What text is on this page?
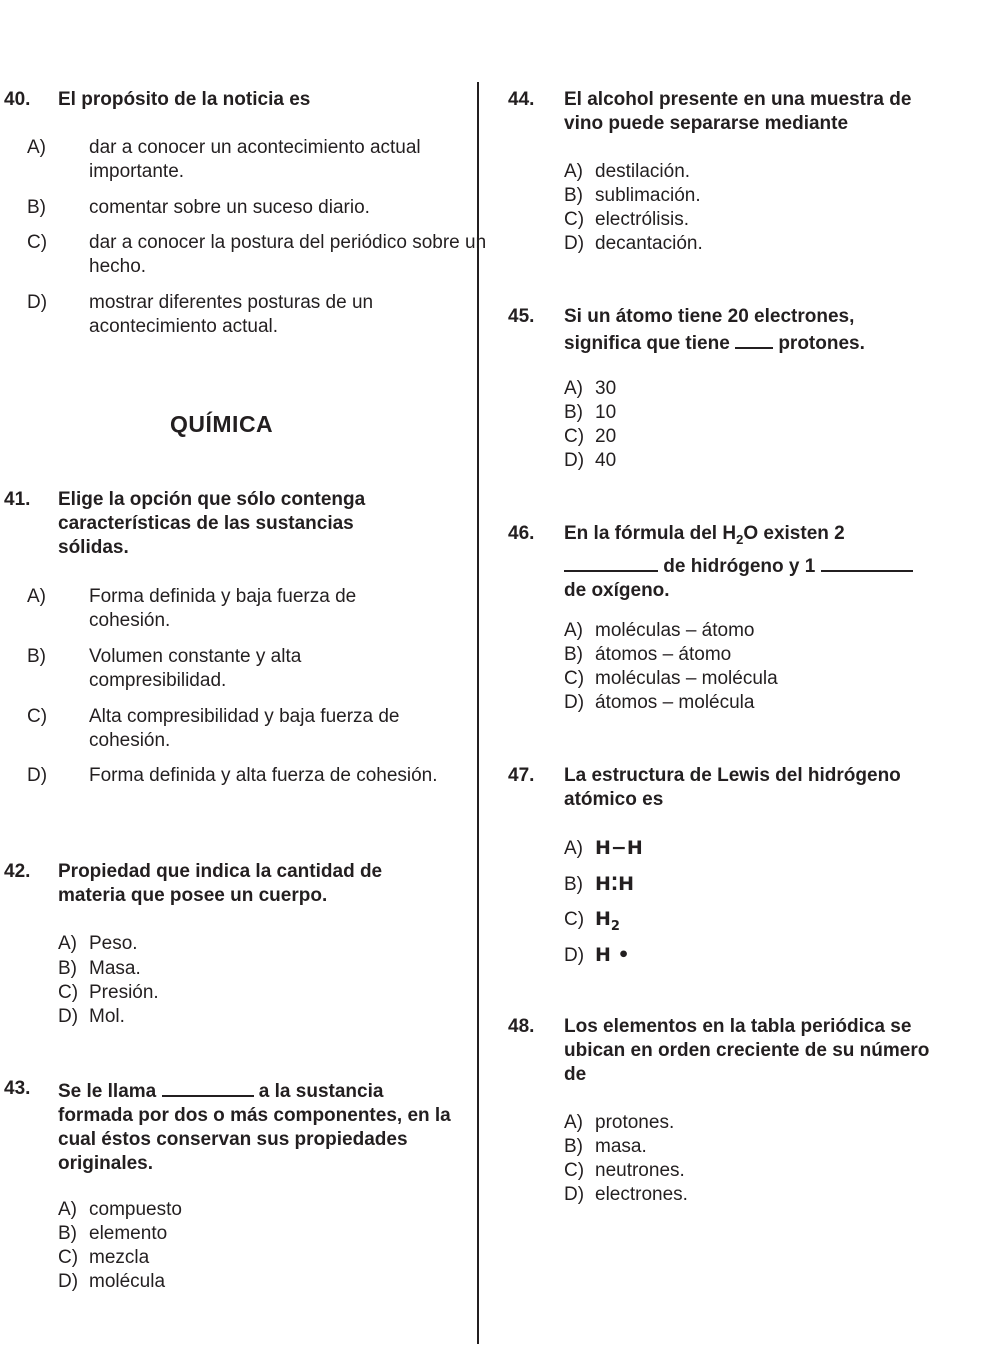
40. El propósito de la noticia es
A) dar a conocer un acontecimiento actual importante.
B) comentar sobre un suceso diario.
C) dar a conocer la postura del periódico sobre un hecho.
D) mostrar diferentes posturas de un acontecimiento actual.
QUÍMICA
41. Elige la opción que sólo contenga características de las sustancias sólidas.
A) Forma definida y baja fuerza de cohesión.
B) Volumen constante y alta compresibilidad.
C) Alta compresibilidad y baja fuerza de cohesión.
D) Forma definida y alta fuerza de cohesión.
42. Propiedad que indica la cantidad de materia que posee un cuerpo.
A) Peso.
B) Masa.
C) Presión.
D) Mol.
43. Se le llama	a la sustancia formada por dos o más componentes, en la cual éstos conservan sus propiedades originales.
A) compuesto
B) elemento
C) mezcla
D) molécula
44. El alcohol presente en una muestra de vino puede separarse mediante
A) destilación.
B) sublimación.
C) electrólisis.
D) decantación.
45. Si un átomo tiene 20 electrones, significa que tiene	protones.
A) 30
B) 10
C) 20
D) 40
46. En la fórmula del $H_2O$ existen 2
de hidrógeno y 1
de oxígeno.
A) moléculas – átomo
B) átomos – átomo
C) moléculas – molécula
D) átomos – molécula
47. La estructura de Lewis del hidrógeno atómico es
A) H−H
B) H⁚H
C) $H_2$
D) H •
48. Los elementos en la tabla periódica se ubican en orden creciente de su número de
A) protones.
B) masa.
C) neutrones.
D) electrones.
